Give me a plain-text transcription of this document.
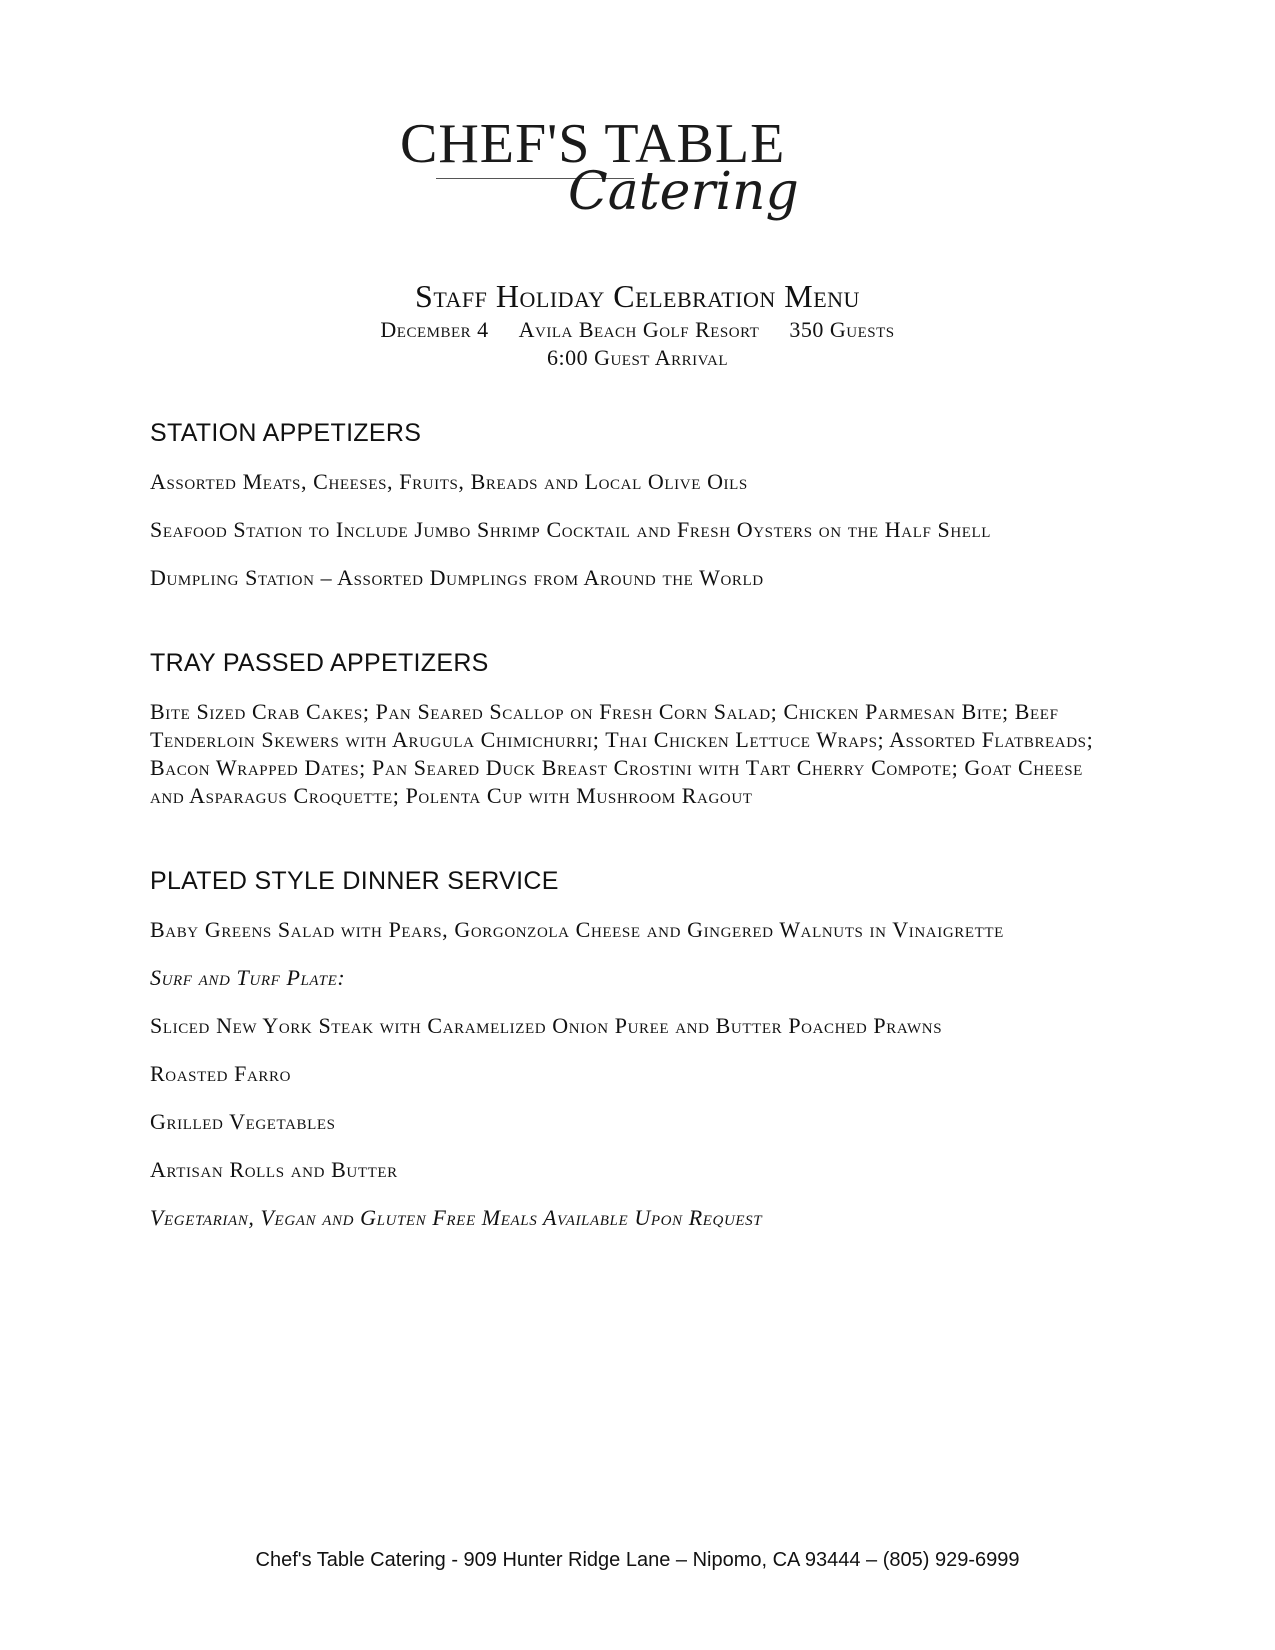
CHEF'S TABLE
Catering
Staff Holiday Celebration Menu
December 4 Avila Beach Golf Resort 350 Guests
6:00 Guest Arrival
STATION APPETIZERS
Assorted Meats, Cheeses, Fruits, Breads and Local Olive Oils
Seafood Station to Include Jumbo Shrimp Cocktail and Fresh Oysters on the Half Shell
Dumpling Station – Assorted Dumplings from Around the World
TRAY PASSED APPETIZERS
Bite Sized Crab Cakes; Pan Seared Scallop on Fresh Corn Salad; Chicken Parmesan Bite; Beef Tenderloin Skewers with Arugula Chimichurri; Thai Chicken Lettuce Wraps; Assorted Flatbreads; Bacon Wrapped Dates; Pan Seared Duck Breast Crostini with Tart Cherry Compote; Goat Cheese and Asparagus Croquette; Polenta Cup with Mushroom Ragout
PLATED STYLE DINNER SERVICE
Baby Greens Salad with Pears, Gorgonzola Cheese and Gingered Walnuts in Vinaigrette
Surf and Turf Plate:
Sliced New York Steak with Caramelized Onion Puree and Butter Poached Prawns
Roasted Farro
Grilled Vegetables
Artisan Rolls and Butter
Vegetarian, Vegan and Gluten Free Meals Available Upon Request
Chef's Table Catering - 909 Hunter Ridge Lane – Nipomo, CA 93444 – (805) 929-6999
